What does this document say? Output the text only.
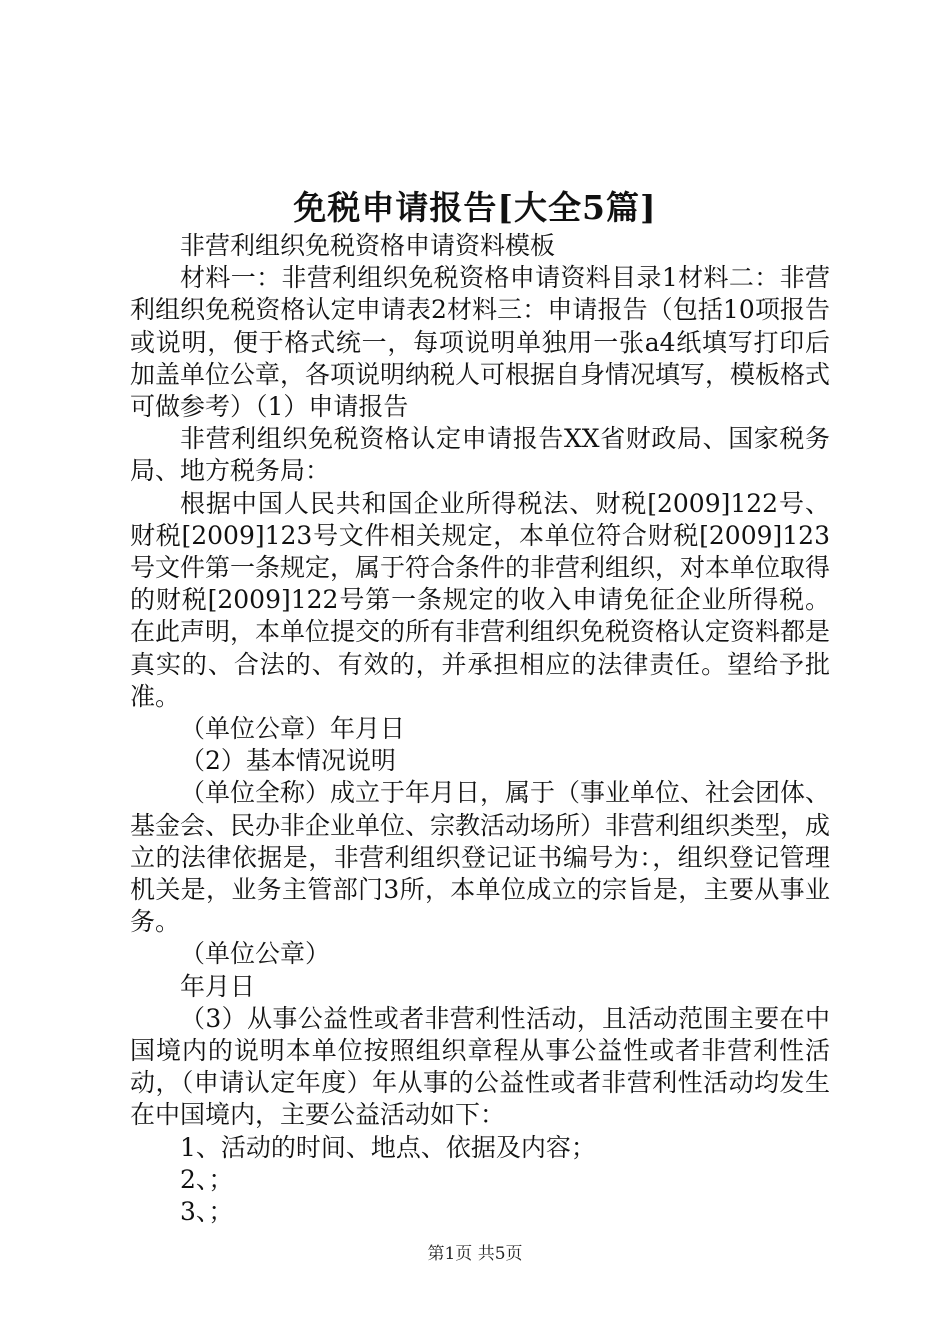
免税申请报告[大全5篇]

非营利组织免税资格申请资料模板

材料一：非营利组织免税资格申请资料目录1材料二：非营利组织免税资格认定申请表2材料三：申请报告（包括10项报告或说明，便于格式统一，每项说明单独用一张a4纸填写打印后加盖单位公章，各项说明纳税人可根据自身情况填写，模板格式可做参考）（1）申请报告

非营利组织免税资格认定申请报告XX省财政局、国家税务局、地方税务局：

根据中国人民共和国企业所得税法、财税[2009]122号、财税[2009]123号文件相关规定，本单位符合财税[2009]123号文件第一条规定，属于符合条件的非营利组织，对本单位取得的财税[2009]122号第一条规定的收入申请免征企业所得税。在此声明，本单位提交的所有非营利组织免税资格认定资料都是真实的、合法的、有效的，并承担相应的法律责任。望给予批准。

（单位公章）年月日

（2）基本情况说明

（单位全称）成立于年月日，属于（事业单位、社会团体、基金会、民办非企业单位、宗教活动场所）非营利组织类型，成立的法律依据是，非营利组织登记证书编号为：，组织登记管理机关是，业务主管部门3所，本单位成立的宗旨是，主要从事业务。

（单位公章）

年月日

（3）从事公益性或者非营利性活动，且活动范围主要在中国境内的说明本单位按照组织章程从事公益性或者非营利性活动，（申请认定年度）年从事的公益性或者非营利性活动均发生在中国境内，主要公益活动如下：

1、活动的时间、地点、依据及内容；

2、；

3、；

第1页 共5页
